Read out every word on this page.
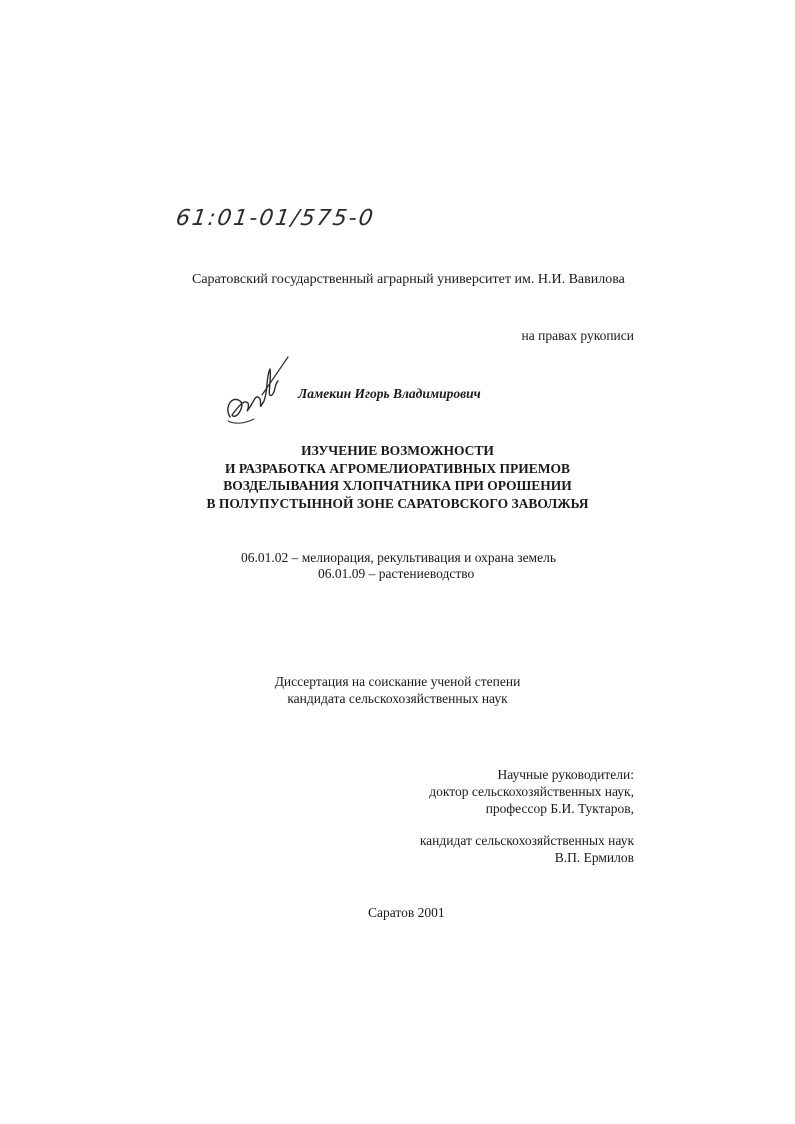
61:01-01/575-0
Саратовский государственный аграрный университет им. Н.И. Вавилова
на правах рукописи
Ламекин Игорь Владимирович
ИЗУЧЕНИЕ ВОЗМОЖНОСТИ
И РАЗРАБОТКА АГРОМЕЛИОРАТИВНЫХ ПРИЕМОВ
ВОЗДЕЛЫВАНИЯ ХЛОПЧАТНИКА ПРИ ОРОШЕНИИ
В ПОЛУПУСТЫННОЙ ЗОНЕ САРАТОВСКОГО ЗАВОЛЖЬЯ
06.01.02 – мелиорация, рекультивация и охрана земель
06.01.09 – растениеводство
Диссертация на соискание ученой степени
кандидата сельскохозяйственных наук
Научные руководители:
доктор сельскохозяйственных наук,
профессор Б.И. Туктаров,
кандидат сельскохозяйственных наук
В.П. Ермилов
Саратов 2001
